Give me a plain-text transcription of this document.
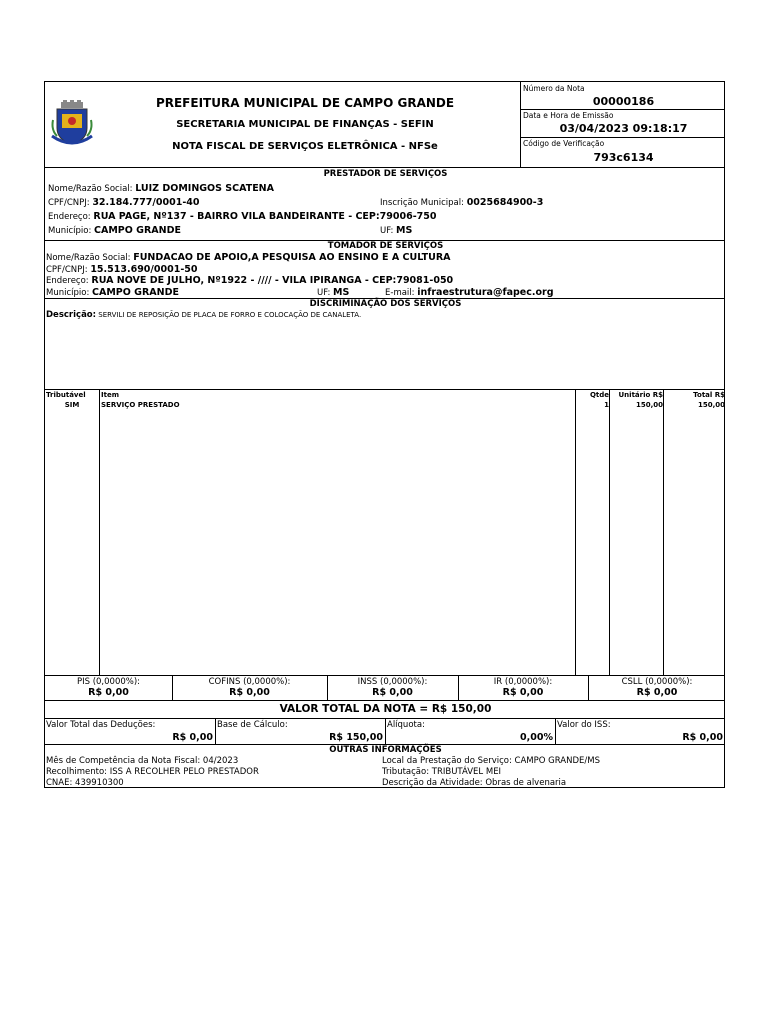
PREFEITURA MUNICIPAL DE CAMPO GRANDE
SECRETARIA MUNICIPAL DE FINANÇAS - SEFIN
NOTA FISCAL DE SERVIÇOS ELETRÔNICA - NFSe
Número da Nota
00000186
Data e Hora de Emissão
03/04/2023 09:18:17
Código de Verificação
793c6134
PRESTADOR DE SERVIÇOS
Nome/Razão Social: LUIZ DOMINGOS SCATENA
CPF/CNPJ: 32.184.777/0001-40	Inscrição Municipal: 0025684900-3
Endereço: RUA PAGE, Nº137 - BAIRRO VILA BANDEIRANTE - CEP:79006-750
Município: CAMPO GRANDE	UF: MS
TOMADOR DE SERVIÇOS
Nome/Razão Social: FUNDACAO DE APOIO,A PESQUISA AO ENSINO E A CULTURA
CPF/CNPJ: 15.513.690/0001-50
Endereço: RUA NOVE DE JULHO, Nº1922 - //// - VILA IPIRANGA - CEP:79081-050
Município: CAMPO GRANDE	UF: MS	E-mail: infraestrutura@fapec.org
DISCRIMINAÇÃO DOS SERVIÇOS
Descrição: SERVILI DE REPOSIÇÃO DE PLACA DE FORRO E COLOCAÇÃO DE CANALETA.
Tributável Item	Qtde	Unitário R$	Total R$
SIM	SERVIÇO PRESTADO	1	150,00	150,00
PIS (0,0000%):
R$ 0,00
COFINS (0,0000%):
R$ 0,00
INSS (0,0000%):
R$ 0,00
IR (0,0000%):
R$ 0,00
CSLL (0,0000%):
R$ 0,00
VALOR TOTAL DA NOTA = R$ 150,00
Valor Total das Deduções:
R$ 0,00
Base de Cálculo:
R$ 150,00
Alíquota:
0,00%
Valor do ISS:
R$ 0,00
OUTRAS INFORMAÇÕES
Mês de Competência da Nota Fiscal: 04/2023
Recolhimento: ISS A RECOLHER PELO PRESTADOR
CNAE: 439910300
Local da Prestação do Serviço: CAMPO GRANDE/MS
Tributação: TRIBUTÁVEL MEI
Descrição da Atividade: Obras de alvenaria
